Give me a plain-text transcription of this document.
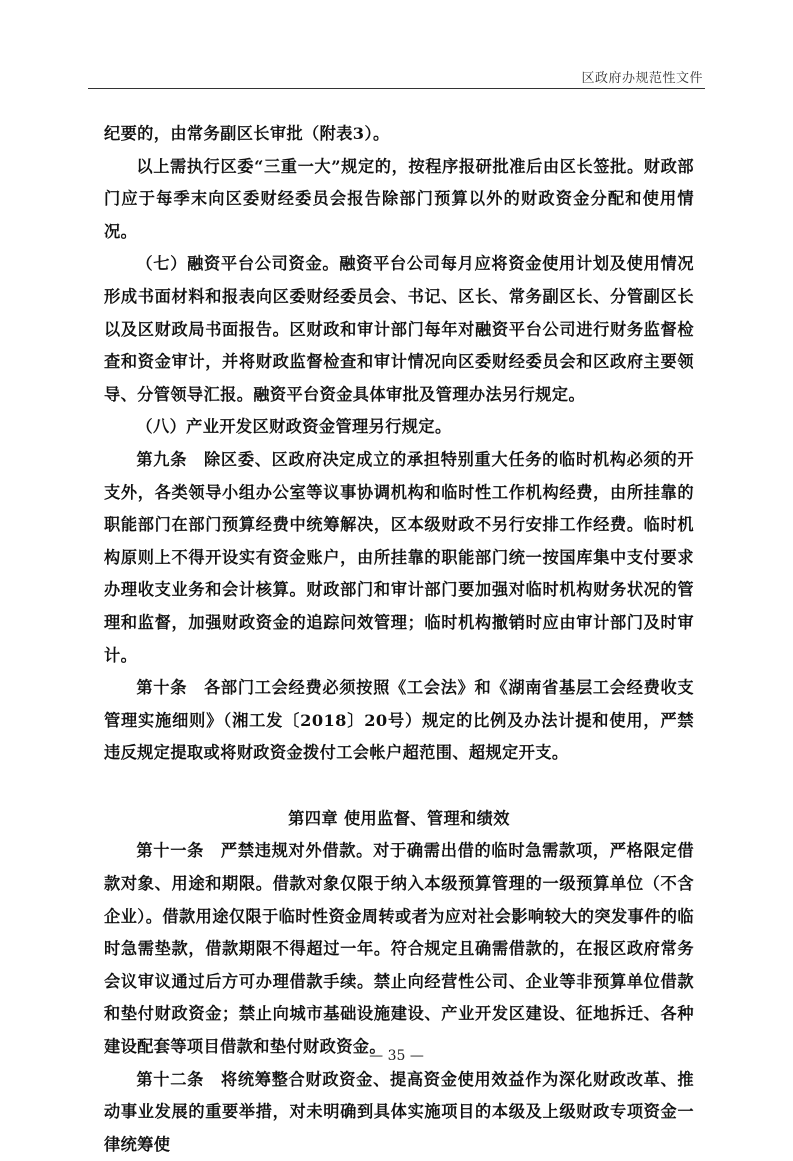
区政府办规范性文件

纪要的，由常务副区长审批（附表3）。

以上需执行区委“三重一大”规定的，按程序报研批准后由区长签批。财政部门应于每季末向区委财经委员会报告除部门预算以外的财政资金分配和使用情况。

（七）融资平台公司资金。融资平台公司每月应将资金使用计划及使用情况形成书面材料和报表向区委财经委员会、书记、区长、常务副区长、分管副区长以及区财政局书面报告。区财政和审计部门每年对融资平台公司进行财务监督检查和资金审计，并将财政监督检查和审计情况向区委财经委员会和区政府主要领导、分管领导汇报。融资平台资金具体审批及管理办法另行规定。

（八）产业开发区财政资金管理另行规定。

第九条　除区委、区政府决定成立的承担特别重大任务的临时机构必须的开支外，各类领导小组办公室等议事协调机构和临时性工作机构经费，由所挂靠的职能部门在部门预算经费中统筹解决，区本级财政不另行安排工作经费。临时机构原则上不得开设实有资金账户，由所挂靠的职能部门统一按国库集中支付要求办理收支业务和会计核算。财政部门和审计部门要加强对临时机构财务状况的管理和监督，加强财政资金的追踪问效管理；临时机构撤销时应由审计部门及时审计。

第十条　各部门工会经费必须按照《工会法》和《湖南省基层工会经费收支管理实施细则》（湘工发〔2018〕20号）规定的比例及办法计提和使用，严禁违反规定提取或将财政资金拨付工会帐户超范围、超规定开支。

第四章 使用监督、管理和绩效

第十一条　严禁违规对外借款。对于确需出借的临时急需款项，严格限定借款对象、用途和期限。借款对象仅限于纳入本级预算管理的一级预算单位（不含企业）。借款用途仅限于临时性资金周转或者为应对社会影响较大的突发事件的临时急需垫款，借款期限不得超过一年。符合规定且确需借款的，在报区政府常务会议审议通过后方可办理借款手续。禁止向经营性公司、企业等非预算单位借款和垫付财政资金；禁止向城市基础设施建设、产业开发区建设、征地拆迁、各种建设配套等项目借款和垫付财政资金。

第十二条　将统筹整合财政资金、提高资金使用效益作为深化财政改革、推动事业发展的重要举措，对未明确到具体实施项目的本级及上级财政专项资金一律统筹使

— 35 —
